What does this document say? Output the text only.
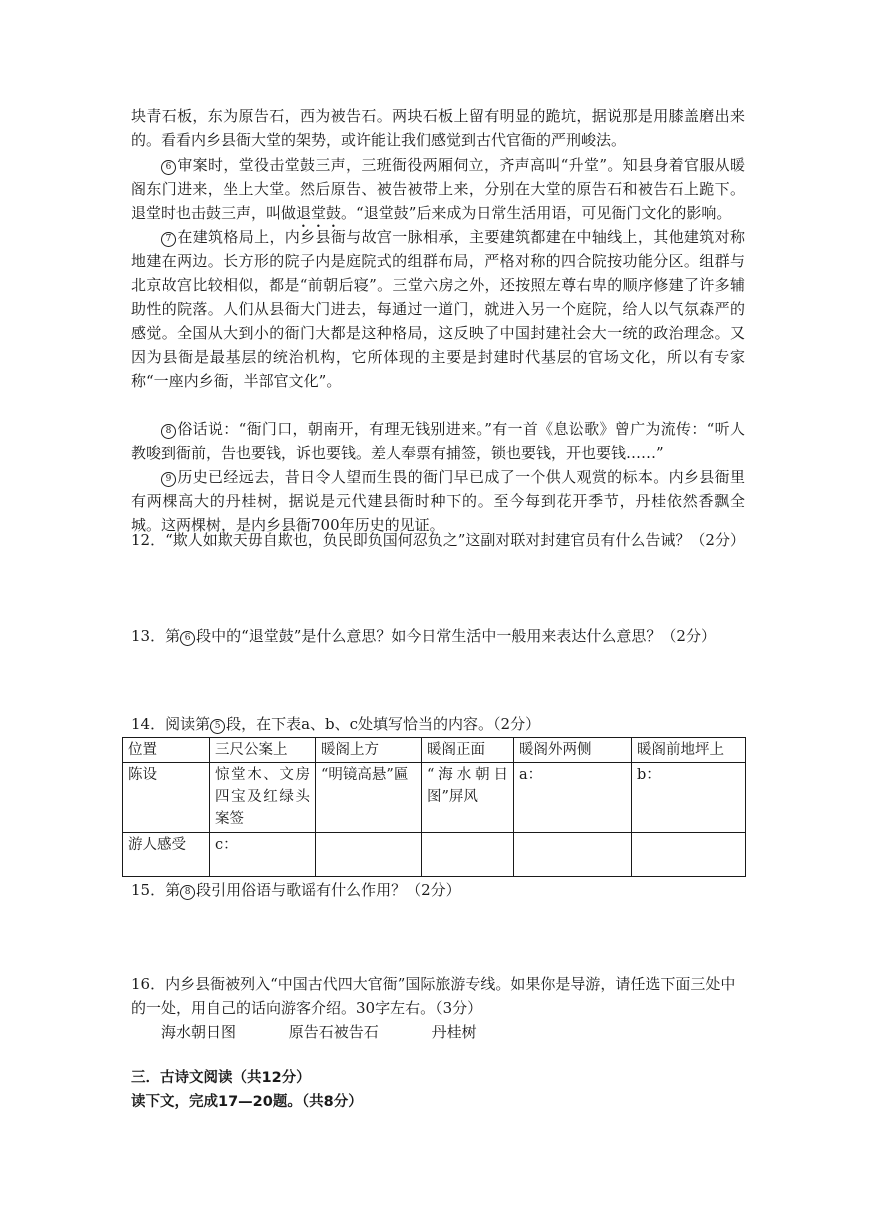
块青石板，东为原告石，西为被告石。两块石板上留有明显的跪坑，据说那是用膝盖磨出来的。看看内乡县衙大堂的架势，或许能让我们感觉到古代官衙的严刑峻法。

6 审案时，堂役击堂鼓三声，三班衙役两厢伺立，齐声高叫“升堂”。知县身着官服从暖阁东门进来，坐上大堂。然后原告、被告被带上来，分别在大堂的原告石和被告石上跪下。退堂时也击鼓三声，叫做退堂鼓。“退堂鼓”后来成为日常生活用语，可见衙门文化的影响。

7 在建筑格局上，内乡县衙与故宫一脉相承，主要建筑都建在中轴线上，其他建筑对称地建在两边。长方形的院子内是庭院式的组群布局，严格对称的四合院按功能分区。组群与北京故宫比较相似，都是“前朝后寝”。三堂六房之外，还按照左尊右卑的顺序修建了许多辅助性的院落。人们从县衙大门进去，每通过一道门，就进入另一个庭院，给人以气氛森严的感觉。全国从大到小的衙门大都是这种格局，这反映了中国封建社会大一统的政治理念。又因为县衙是最基层的统治机构，它所体现的主要是封建时代基层的官场文化，所以有专家称“一座内乡衙，半部官文化”。

8 俗话说：“衙门口，朝南开，有理无钱别进来。”有一首《息讼歌》曾广为流传：“听人教唆到衙前，告也要钱，诉也要钱。差人奉票有捕签，锁也要钱，开也要钱……”

9 历史已经远去，昔日令人望而生畏的衙门早已成了一个供人观赏的标本。内乡县衙里有两棵高大的丹桂树，据说是元代建县衙时种下的。至今每到花开季节，丹桂依然香飘全城。这两棵树，是内乡县衙700年历史的见证。

12．“欺人如欺天毋自欺也，负民即负国何忍负之”这副对联对封建官员有什么告诫？（2分）

13．第 6 段中的“退堂鼓”是什么意思？如今日常生活中一般用来表达什么意思？（2分）

14．阅读第 5 段，在下表a、b、c处填写恰当的内容。（2分）

位置	三尺公案上	暖阁上方	暖阁正面	暖阁外两侧	暖阁前地坪上
陈设	惊堂木、文房四宝及红绿头案签	“明镜高悬”匾	“海水朝日图”屏风	a：	b：
游人感受	c：				

15．第 8 段引用俗语与歌谣有什么作用？（2分）

16．内乡县衙被列入“中国古代四大官衙”国际旅游专线。如果你是导游，请任选下面三处中的一处，用自己的话向游客介绍。30字左右。（3分）

海水朝日图	原告石被告石	丹桂树
三．古诗文阅读（共12分）
读下文，完成17—20题。（共8分）
